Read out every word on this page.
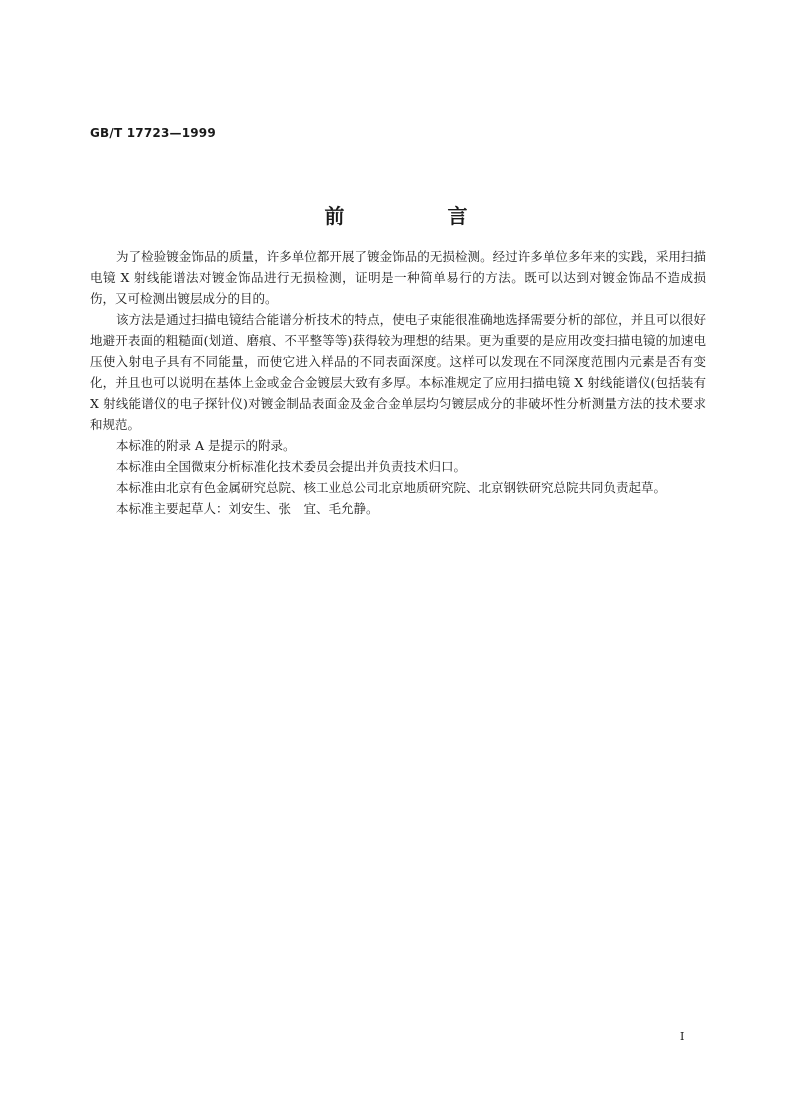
GB/T 17723—1999
前 言

为了检验镀金饰品的质量，许多单位都开展了镀金饰品的无损检测。经过许多单位多年来的实践，采用扫描电镜 X 射线能谱法对镀金饰品进行无损检测，证明是一种简单易行的方法。既可以达到对镀金饰品不造成损伤，又可检测出镀层成分的目的。

该方法是通过扫描电镜结合能谱分析技术的特点，使电子束能很准确地选择需要分析的部位，并且可以很好地避开表面的粗糙面(划道、磨痕、不平整等等)获得较为理想的结果。更为重要的是应用改变扫描电镜的加速电压使入射电子具有不同能量，而使它进入样品的不同表面深度。这样可以发现在不同深度范围内元素是否有变化，并且也可以说明在基体上金或金合金镀层大致有多厚。本标准规定了应用扫描电镜 X 射线能谱仪(包括装有 X 射线能谱仪的电子探针仪)对镀金制品表面金及金合金单层均匀镀层成分的非破坏性分析测量方法的技术要求和规范。

本标准的附录 A 是提示的附录。

本标准由全国微束分析标准化技术委员会提出并负责技术归口。

本标准由北京有色金属研究总院、核工业总公司北京地质研究院、北京钢铁研究总院共同负责起草。

本标准主要起草人：刘安生、张　宜、毛允静。

I
